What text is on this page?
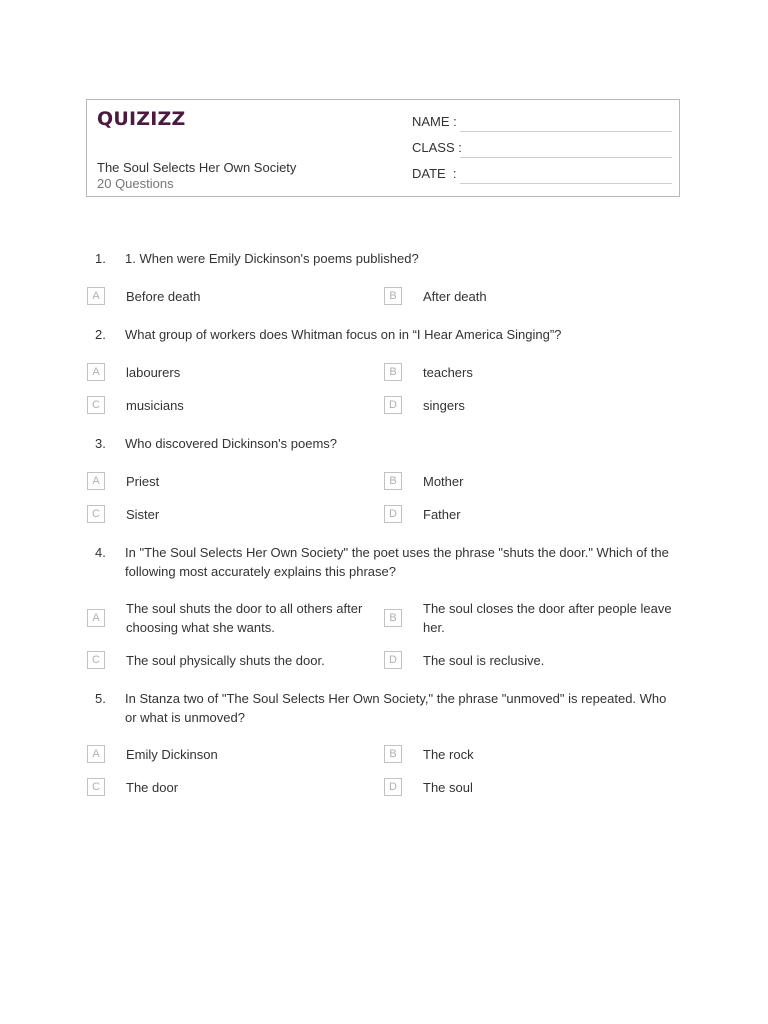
QUIZIZZ
The Soul Selects Her Own Society
20 Questions
NAME :
CLASS :
DATE  :
1. 1. When were Emily Dickinson's poems published?
A	Before death	B	After death
2. What group of workers does Whitman focus on in “I Hear America Singing”?
A	labourers	B	teachers
C	musicians	D	singers
3. Who discovered Dickinson's poems?
A	Priest	B	Mother
C	Sister	D	Father
4. In "The Soul Selects Her Own Society" the poet uses the phrase "shuts the door." Which of the following most accurately explains this phrase?
A
The soul shuts the door to all others after choosing what she wants.
B
The soul closes the door after people leave her.
C	The soul physically shuts the door.	D	The soul is reclusive.
5. In Stanza two of "The Soul Selects Her Own Society," the phrase "unmoved" is repeated. Who or what is unmoved?
A	Emily Dickinson	B	The rock
C	The door	D	The soul
